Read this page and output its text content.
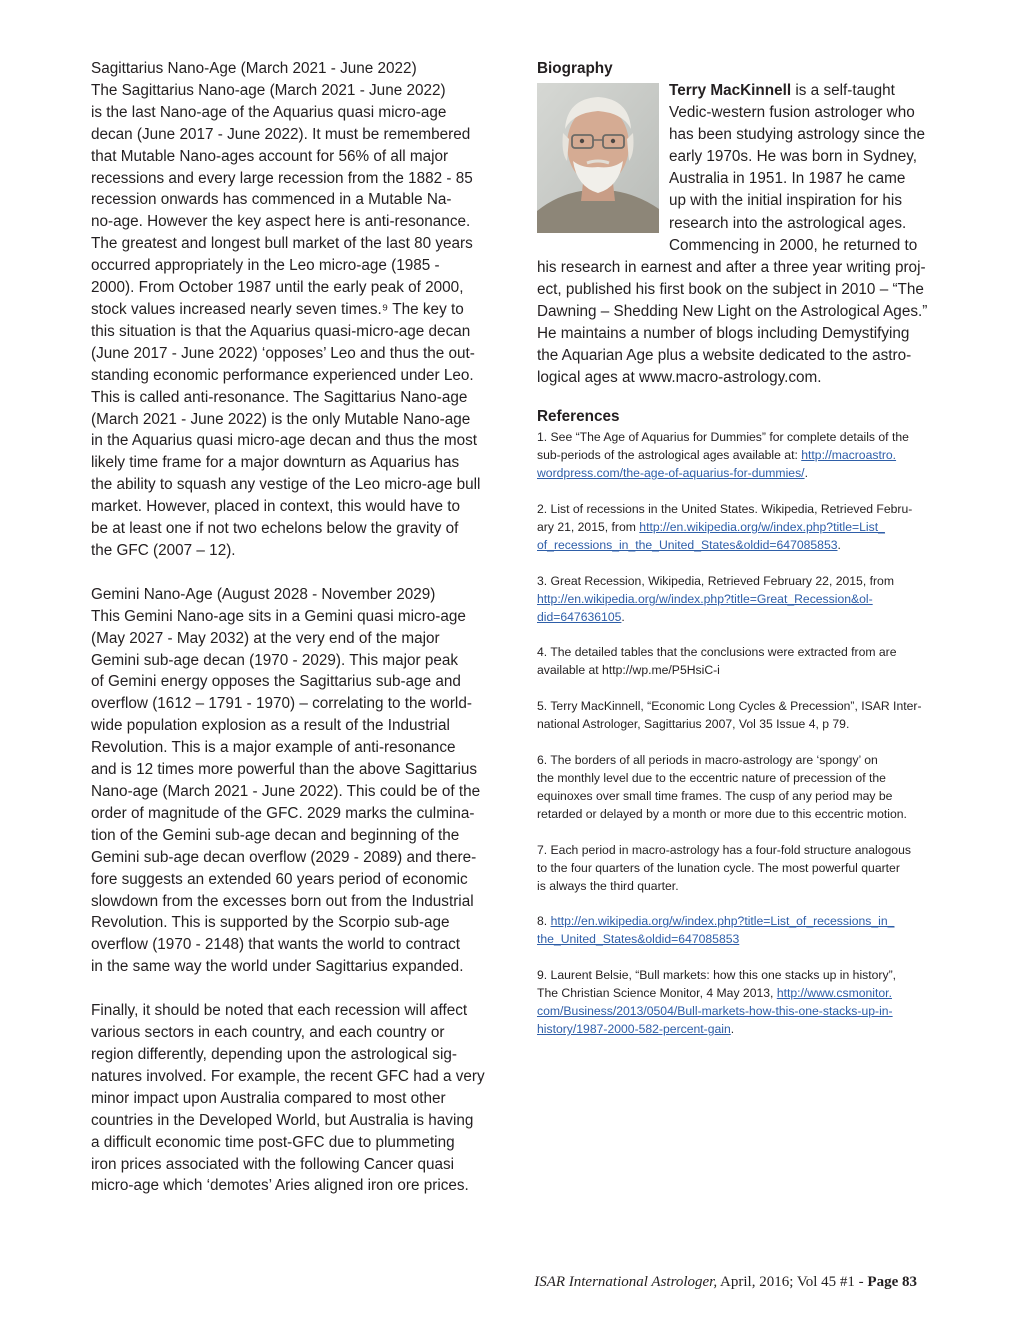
Sagittarius Nano-Age (March 2021 - June 2022)
The Sagittarius Nano-age (March 2021 - June 2022)
is the last Nano-age of the Aquarius quasi micro-age
decan (June 2017 - June 2022). It must be remembered
that Mutable Nano-ages account for 56% of all major
recessions and every large recession from the 1882 - 85
recession onwards has commenced in a Mutable Na-
no-age. However the key aspect here is anti-resonance.
The greatest and longest bull market of the last 80 years
occurred appropriately in the Leo micro-age (1985 -
2000). From October 1987 until the early peak of 2000,
stock values increased nearly seven times.⁹ The key to
this situation is that the Aquarius quasi-micro-age decan
(June 2017 - June 2022) ‘opposes’ Leo and thus the out-
standing economic performance experienced under Leo.
This is called anti-resonance. The Sagittarius Nano-age
(March 2021 - June 2022) is the only Mutable Nano-age
in the Aquarius quasi micro-age decan and thus the most
likely time frame for a major downturn as Aquarius has
the ability to squash any vestige of the Leo micro-age bull
market. However, placed in context, this would have to
be at least one if not two echelons below the gravity of
the GFC (2007 – 12).

Gemini Nano-Age (August 2028 - November 2029)
This Gemini Nano-age sits in a Gemini quasi micro-age
(May 2027 - May 2032) at the very end of the major
Gemini sub-age decan (1970 - 2029). This major peak
of Gemini energy opposes the Sagittarius sub-age and
overflow (1612 – 1791 - 1970) – correlating to the world-
wide population explosion as a result of the Industrial
Revolution. This is a major example of anti-resonance
and is 12 times more powerful than the above Sagittarius
Nano-age (March 2021 - June 2022). This could be of the
order of magnitude of the GFC. 2029 marks the culmina-
tion of the Gemini sub-age decan and beginning of the
Gemini sub-age decan overflow (2029 - 2089) and there-
fore suggests an extended 60 years period of economic
slowdown from the excesses born out from the Industrial
Revolution. This is supported by the Scorpio sub-age
overflow (1970 - 2148) that wants the world to contract
in the same way the world under Sagittarius expanded.

Finally, it should be noted that each recession will affect
various sectors in each country, and each country or
region differently, depending upon the astrological sig-
natures involved. For example, the recent GFC had a very
minor impact upon Australia compared to most other
countries in the Developed World, but Australia is having
a difficult economic time post-GFC due to plummeting
iron prices associated with the following Cancer quasi
micro-age which ‘demotes’ Aries aligned iron ore prices.

Biography

Terry MacKinnell is a self-taught
Vedic-western fusion astrologer who
has been studying astrology since the
early 1970s. He was born in Sydney,
Australia in 1951. In 1987 he came
up with the initial inspiration for his
research into the astrological ages.
Commencing in 2000, he returned to
his research in earnest and after a three year writing proj-
ect, published his first book on the subject in 2010 – “The
Dawning – Shedding New Light on the Astrological Ages.”
He maintains a number of blogs including Demystifying
the Aquarian Age plus a website dedicated to the astro-
logical ages at www.macro-astrology.com.

References

1. See “The Age of Aquarius for Dummies” for complete details of the
sub-periods of the astrological ages available at: http://macroastro.
wordpress.com/the-age-of-aquarius-for-dummies/.

2. List of recessions in the United States. Wikipedia, Retrieved Febru-
ary 21, 2015, from http://en.wikipedia.org/w/index.php?title=List_
of_recessions_in_the_United_States&oldid=647085853.

3. Great Recession, Wikipedia, Retrieved February 22, 2015, from
http://en.wikipedia.org/w/index.php?title=Great_Recession&ol-
did=647636105.

4. The detailed tables that the conclusions were extracted from are
available at http://wp.me/P5HsiC-i

5. Terry MacKinnell, “Economic Long Cycles & Precession”, ISAR Inter-
national Astrologer, Sagittarius 2007, Vol 35 Issue 4, p 79.

6. The borders of all periods in macro-astrology are ‘spongy’ on
the monthly level due to the eccentric nature of precession of the
equinoxes over small time frames. The cusp of any period may be
retarded or delayed by a month or more due to this eccentric motion.

7. Each period in macro-astrology has a four-fold structure analogous
to the four quarters of the lunation cycle. The most powerful quarter
is always the third quarter.

8. http://en.wikipedia.org/w/index.php?title=List_of_recessions_in_
the_United_States&oldid=647085853

9. Laurent Belsie, “Bull markets: how this one stacks up in history”,
The Christian Science Monitor, 4 May 2013, http://www.csmonitor.
com/Business/2013/0504/Bull-markets-how-this-one-stacks-up-in-
history/1987-2000-582-percent-gain.

ISAR International Astrologer, April, 2016; Vol 45 #1 - Page 83
